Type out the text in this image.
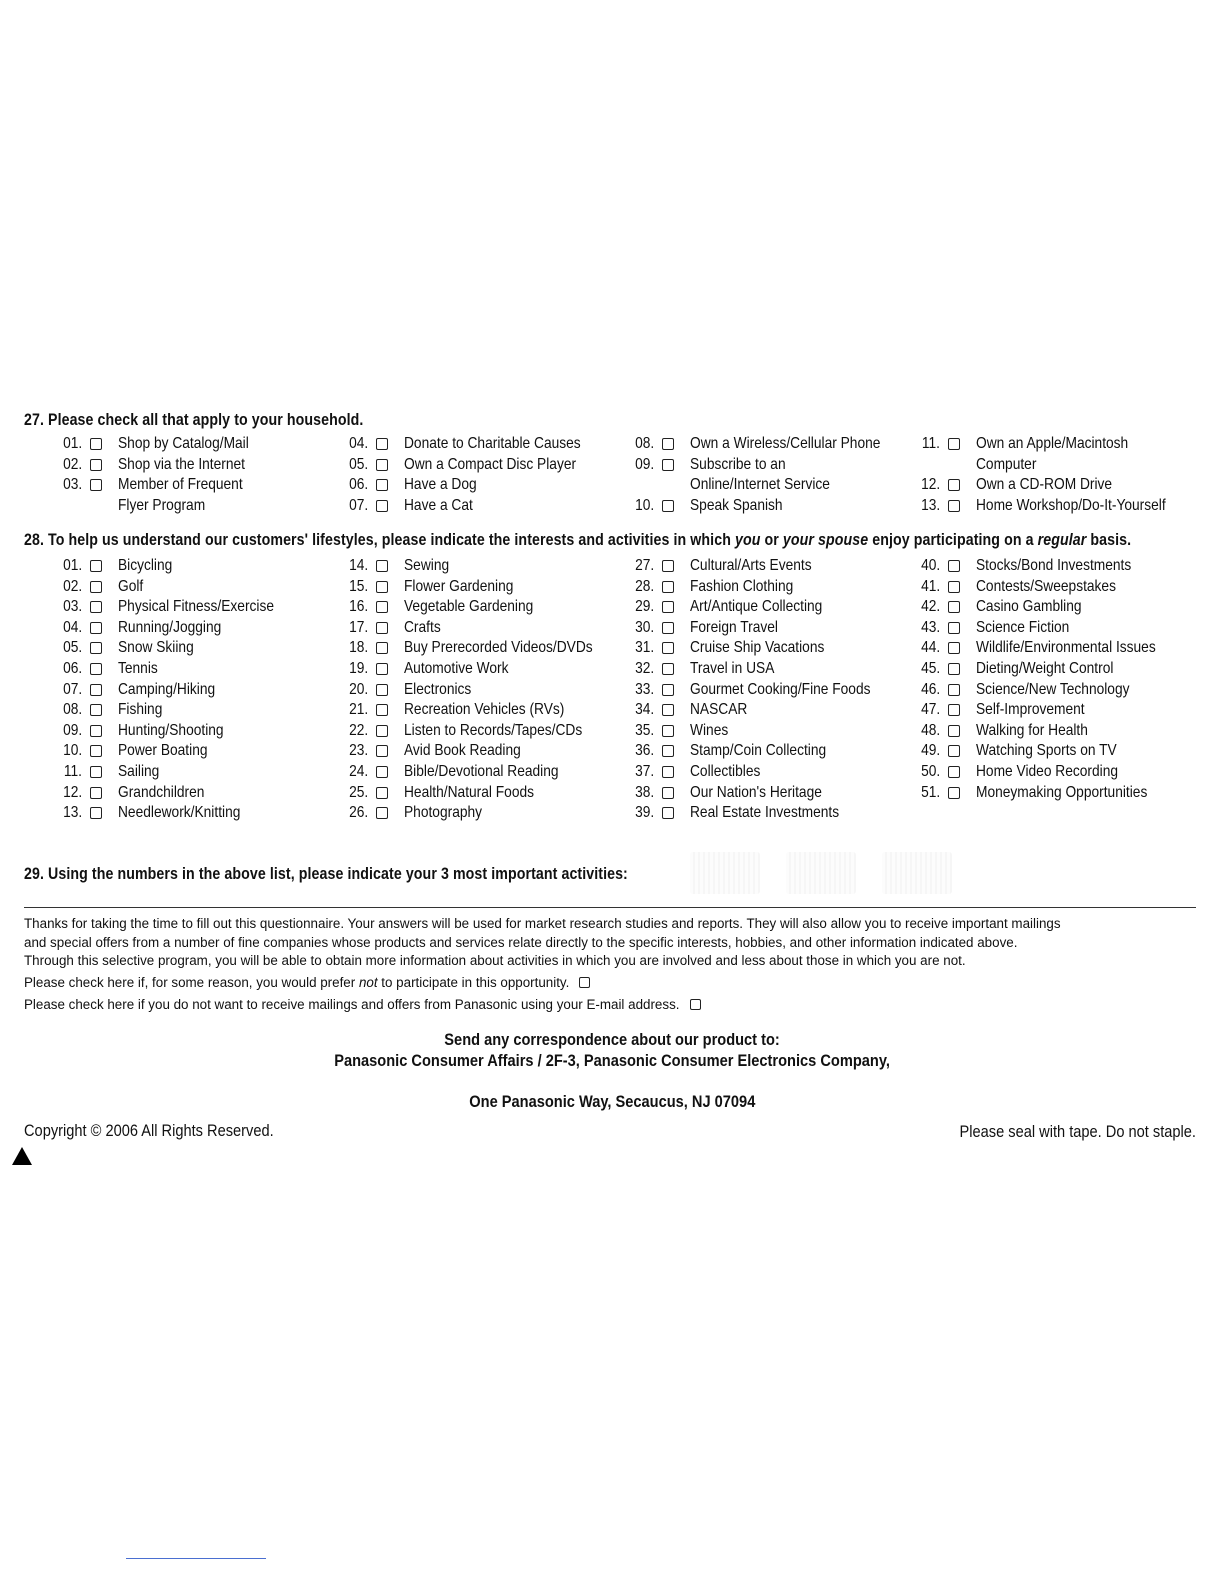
27. Please check all that apply to your household.
01. Shop by Catalog/Mail
02. Shop via the Internet
03. Member of Frequent
Flyer Program
04. Donate to Charitable Causes
05. Own a Compact Disc Player
06. Have a Dog
07. Have a Cat
08. Own a Wireless/Cellular Phone
09. Subscribe to an
Online/Internet Service
10. Speak Spanish
11. Own an Apple/Macintosh
Computer
12. Own a CD-ROM Drive
13. Home Workshop/Do-It-Yourself
28. To help us understand our customers' lifestyles, please indicate the interests and activities in which you or your spouse enjoy participating on a regular basis.
01. Bicycling
02. Golf
03. Physical Fitness/Exercise
04. Running/Jogging
05. Snow Skiing
06. Tennis
07. Camping/Hiking
08. Fishing
09. Hunting/Shooting
10. Power Boating
11. Sailing
12. Grandchildren
13. Needlework/Knitting
14. Sewing
15. Flower Gardening
16. Vegetable Gardening
17. Crafts
18. Buy Prerecorded Videos/DVDs
19. Automotive Work
20. Electronics
21. Recreation Vehicles (RVs)
22. Listen to Records/Tapes/CDs
23. Avid Book Reading
24. Bible/Devotional Reading
25. Health/Natural Foods
26. Photography
27. Cultural/Arts Events
28. Fashion Clothing
29. Art/Antique Collecting
30. Foreign Travel
31. Cruise Ship Vacations
32. Travel in USA
33. Gourmet Cooking/Fine Foods
34. NASCAR
35. Wines
36. Stamp/Coin Collecting
37. Collectibles
38. Our Nation's Heritage
39. Real Estate Investments
40. Stocks/Bond Investments
41. Contests/Sweepstakes
42. Casino Gambling
43. Science Fiction
44. Wildlife/Environmental Issues
45. Dieting/Weight Control
46. Science/New Technology
47. Self-Improvement
48. Walking for Health
49. Watching Sports on TV
50. Home Video Recording
51. Moneymaking Opportunities
29. Using the numbers in the above list, please indicate your 3 most important activities:
Thanks for taking the time to fill out this questionnaire. Your answers will be used for market research studies and reports. They will also allow you to receive important mailings
and special offers from a number of fine companies whose products and services relate directly to the specific interests, hobbies, and other information indicated above.
Through this selective program, you will be able to obtain more information about activities in which you are involved and less about those in which you are not.
Please check here if, for some reason, you would prefer not to participate in this opportunity.
Please check here if you do not want to receive mailings and offers from Panasonic using your E-mail address.
Send any correspondence about our product to:
Panasonic Consumer Affairs / 2F-3, Panasonic Consumer Electronics Company,
One Panasonic Way, Secaucus, NJ 07094
Copyright © 2006 All Rights Reserved.	Please seal with tape. Do not staple.
